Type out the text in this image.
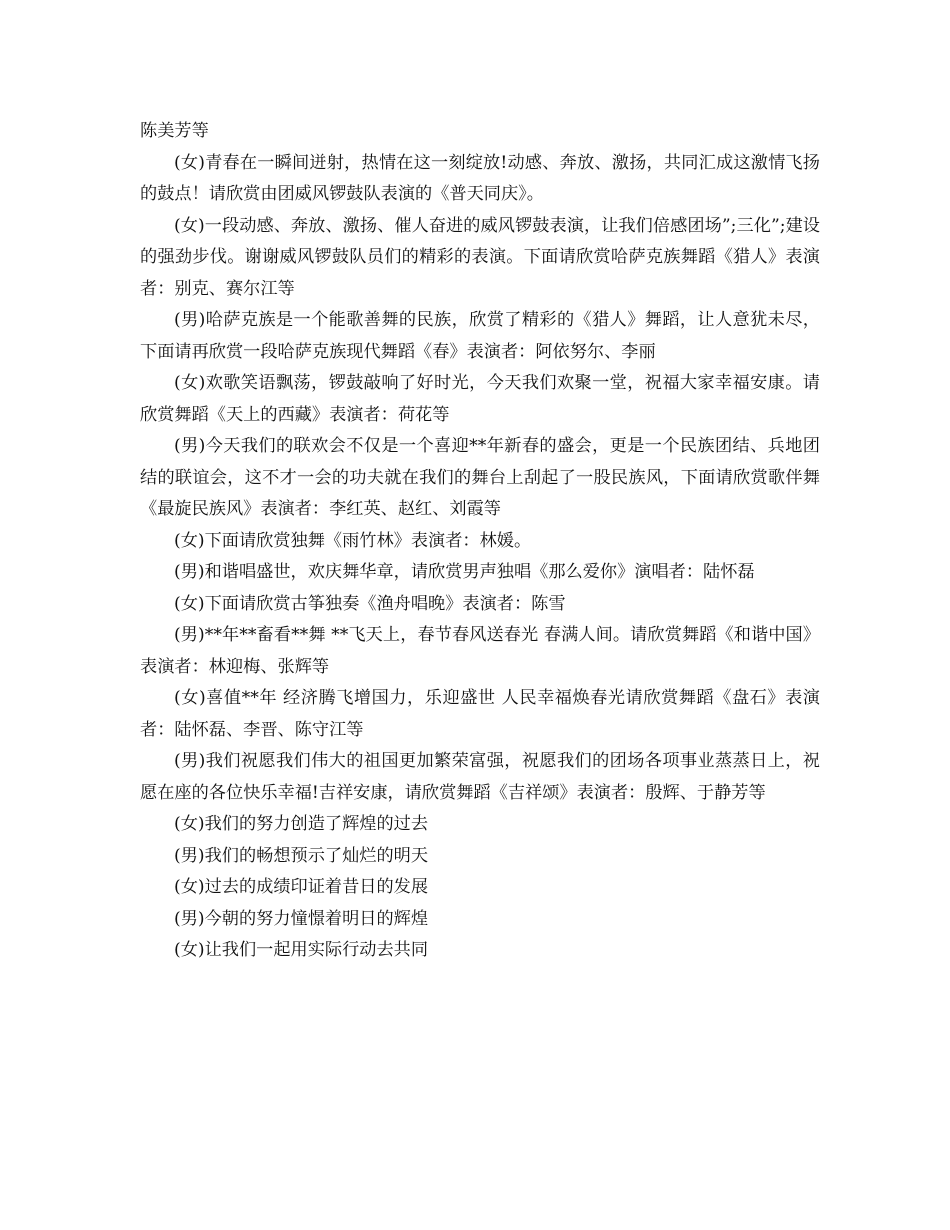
陈美芳等

(女)青春在一瞬间迸射，热情在这一刻绽放!动感、奔放、激扬，共同汇成这激情飞扬的鼓点！请欣赏由团威风锣鼓队表演的《普天同庆》。

(女)一段动感、奔放、激扬、催人奋进的威风锣鼓表演，让我们倍感团场”;三化”;建设的强劲步伐。谢谢威风锣鼓队员们的精彩的表演。下面请欣赏哈萨克族舞蹈《猎人》表演者：别克、赛尔江等

(男)哈萨克族是一个能歌善舞的民族，欣赏了精彩的《猎人》舞蹈，让人意犹未尽，下面请再欣赏一段哈萨克族现代舞蹈《春》表演者：阿依努尔、李丽

(女)欢歌笑语飘荡，锣鼓敲响了好时光，今天我们欢聚一堂，祝福大家幸福安康。请欣赏舞蹈《天上的西藏》表演者：荷花等

(男)今天我们的联欢会不仅是一个喜迎**年新春的盛会，更是一个民族团结、兵地团结的联谊会，这不才一会的功夫就在我们的舞台上刮起了一股民族风，下面请欣赏歌伴舞《最旋民族风》表演者：李红英、赵红、刘霞等

(女)下面请欣赏独舞《雨竹林》表演者：林媛。

(男)和谐唱盛世，欢庆舞华章，请欣赏男声独唱《那么爱你》演唱者：陆怀磊

(女)下面请欣赏古筝独奏《渔舟唱晚》表演者：陈雪

(男)**年**畜看**舞 **飞天上，春节春风送春光 春满人间。请欣赏舞蹈《和谐中国》表演者：林迎梅、张辉等

(女)喜值**年 经济腾飞增国力，乐迎盛世 人民幸福焕春光请欣赏舞蹈《盘石》表演者：陆怀磊、李晋、陈守江等

(男)我们祝愿我们伟大的祖国更加繁荣富强，祝愿我们的团场各项事业蒸蒸日上，祝愿在座的各位快乐幸福!吉祥安康，请欣赏舞蹈《吉祥颂》表演者：殷辉、于静芳等

(女)我们的努力创造了辉煌的过去

(男)我们的畅想预示了灿烂的明天

(女)过去的成绩印证着昔日的发展

(男)今朝的努力憧憬着明日的辉煌

(女)让我们一起用实际行动去共同
